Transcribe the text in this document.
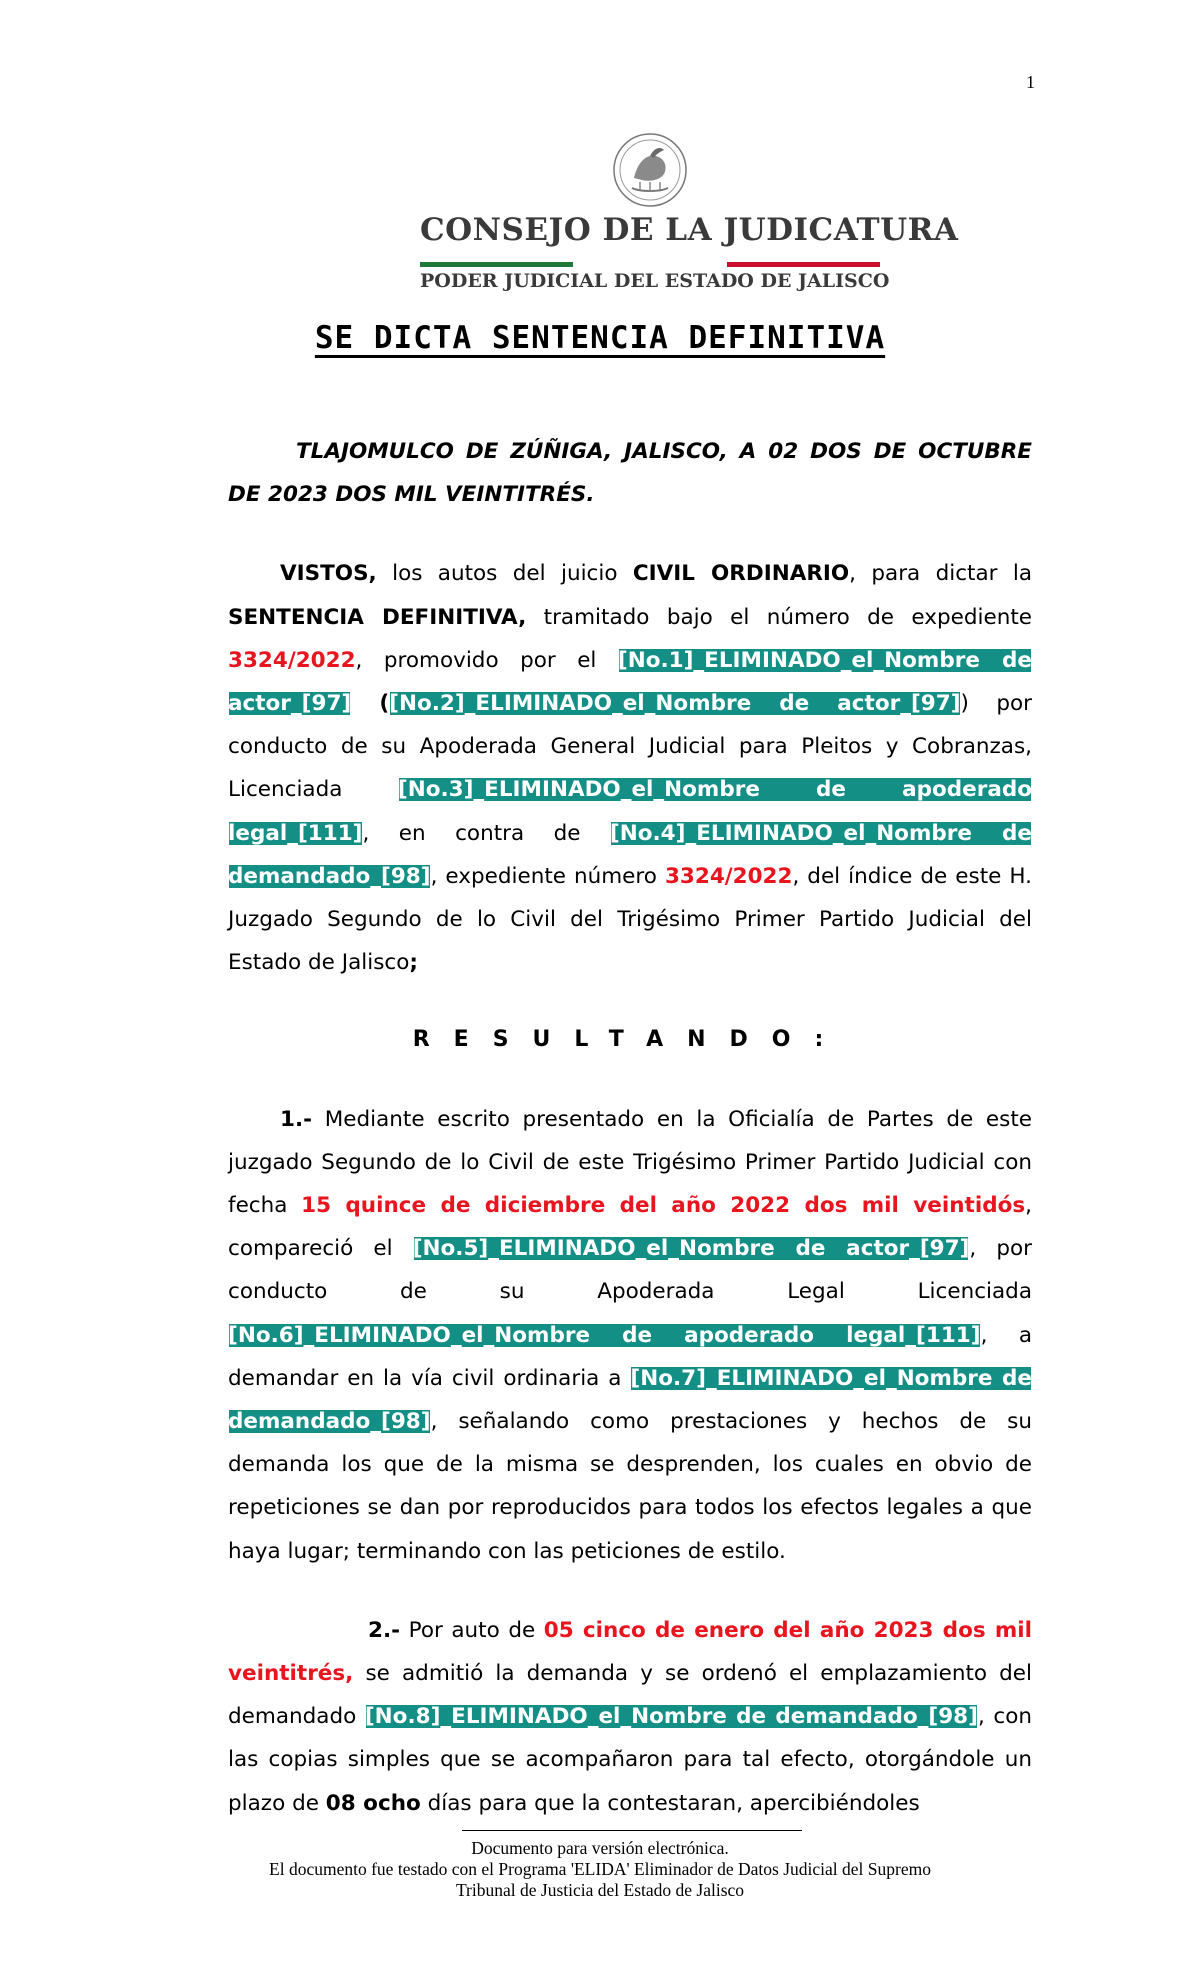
1
CONSEJO DE LA JUDICATURA
PODER JUDICIAL DEL ESTADO DE JALISCO
SE DICTA SENTENCIA DEFINITIVA

TLAJOMULCO DE ZÚÑIGA, JALISCO, A 02 DOS DE OCTUBRE DE 2023 DOS MIL VEINTITRÉS.

VISTOS, los autos del juicio CIVIL ORDINARIO, para dictar la SENTENCIA DEFINITIVA, tramitado bajo el número de expediente 3324/2022, promovido por el [No.1]_ELIMINADO_el_Nombre de actor_[97] ([No.2]_ELIMINADO_el_Nombre de actor_[97]) por conducto de su Apoderada General Judicial para Pleitos y Cobranzas, Licenciada [No.3]_ELIMINADO_el_Nombre de apoderado legal_[111], en contra de [No.4]_ELIMINADO_el_Nombre de demandado_[98], expediente número 3324/2022, del índice de este H. Juzgado Segundo de lo Civil del Trigésimo Primer Partido Judicial del Estado de Jalisco;

RESULTANDO:

1.- Mediante escrito presentado en la Oficialía de Partes de este juzgado Segundo de lo Civil de este Trigésimo Primer Partido Judicial con fecha 15 quince de diciembre del año 2022 dos mil veintidós, compareció el [No.5]_ELIMINADO_el_Nombre de actor_[97], por conducto de su Apoderada Legal Licenciada [No.6]_ELIMINADO_el_Nombre de apoderado legal_[111], a demandar en la vía civil ordinaria a [No.7]_ELIMINADO_el_Nombre de demandado_[98], señalando como prestaciones y hechos de su demanda los que de la misma se desprenden, los cuales en obvio de repeticiones se dan por reproducidos para todos los efectos legales a que haya lugar; terminando con las peticiones de estilo.

2.- Por auto de 05 cinco de enero del año 2023 dos mil veintitrés, se admitió la demanda y se ordenó el emplazamiento del demandado [No.8]_ELIMINADO_el_Nombre de demandado_[98], con las copias simples que se acompañaron para tal efecto, otorgándole un plazo de 08 ocho días para que la contestaran, apercibiéndoles

Documento para versión electrónica.
El documento fue testado con el Programa 'ELIDA' Eliminador de Datos Judicial del Supremo
Tribunal de Justicia del Estado de Jalisco
